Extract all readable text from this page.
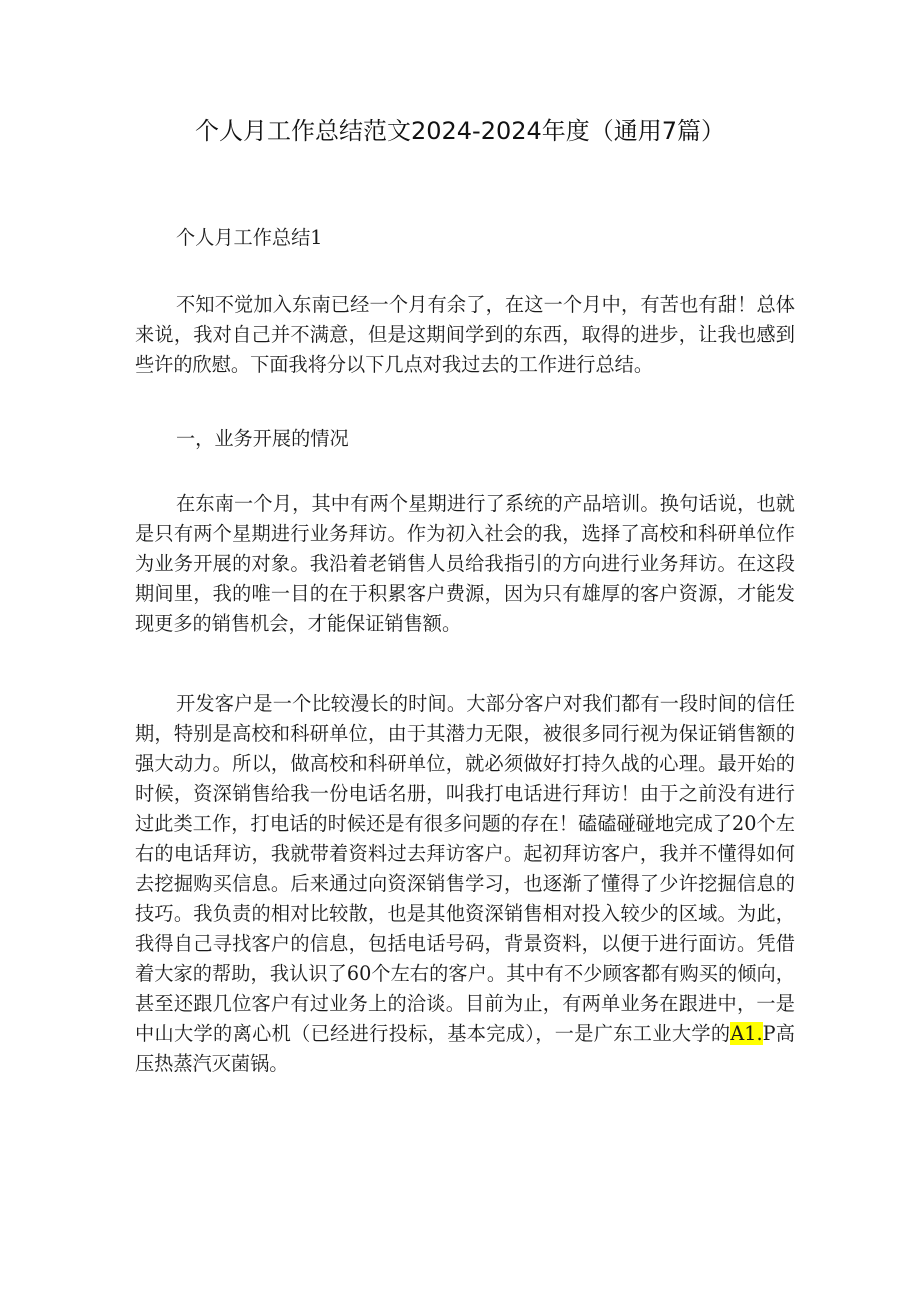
个人月工作总结范文2024-2024年度（通用7篇）

个人月工作总结1

不知不觉加入东南已经一个月有余了，在这一个月中，有苦也有甜！总体来说，我对自己并不满意，但是这期间学到的东西，取得的进步，让我也感到些许的欣慰。下面我将分以下几点对我过去的工作进行总结。

一，业务开展的情况

在东南一个月，其中有两个星期进行了系统的产品培训。换句话说，也就是只有两个星期进行业务拜访。作为初入社会的我，选择了高校和科研单位作为业务开展的对象。我沿着老销售人员给我指引的方向进行业务拜访。在这段期间里，我的唯一目的在于积累客户费源，因为只有雄厚的客户资源，才能发现更多的销售机会，才能保证销售额。

开发客户是一个比较漫长的时间。大部分客户对我们都有一段时间的信任期，特别是高校和科研单位，由于其潜力无限，被很多同行视为保证销售额的强大动力。所以，做高校和科研单位，就必须做好打持久战的心理。最开始的时候，资深销售给我一份电话名册，叫我打电话进行拜访！由于之前没有进行过此类工作，打电话的时候还是有很多问题的存在！磕磕碰碰地完成了20个左右的电话拜访，我就带着资料过去拜访客户。起初拜访客户，我并不懂得如何去挖掘购买信息。后来通过向资深销售学习，也逐渐了懂得了少许挖掘信息的技巧。我负责的相对比较散，也是其他资深销售相对投入较少的区域。为此，我得自己寻找客户的信息，包括电话号码，背景资料，以便于进行面访。凭借着大家的帮助，我认识了60个左右的客户。其中有不少顾客都有购买的倾向，甚至还跟几位客户有过业务上的洽谈。目前为止，有两单业务在跟进中，一是中山大学的离心机（已经进行投标，基本完成），一是广东工业大学的A1.P高压热蒸汽灭菌锅。
